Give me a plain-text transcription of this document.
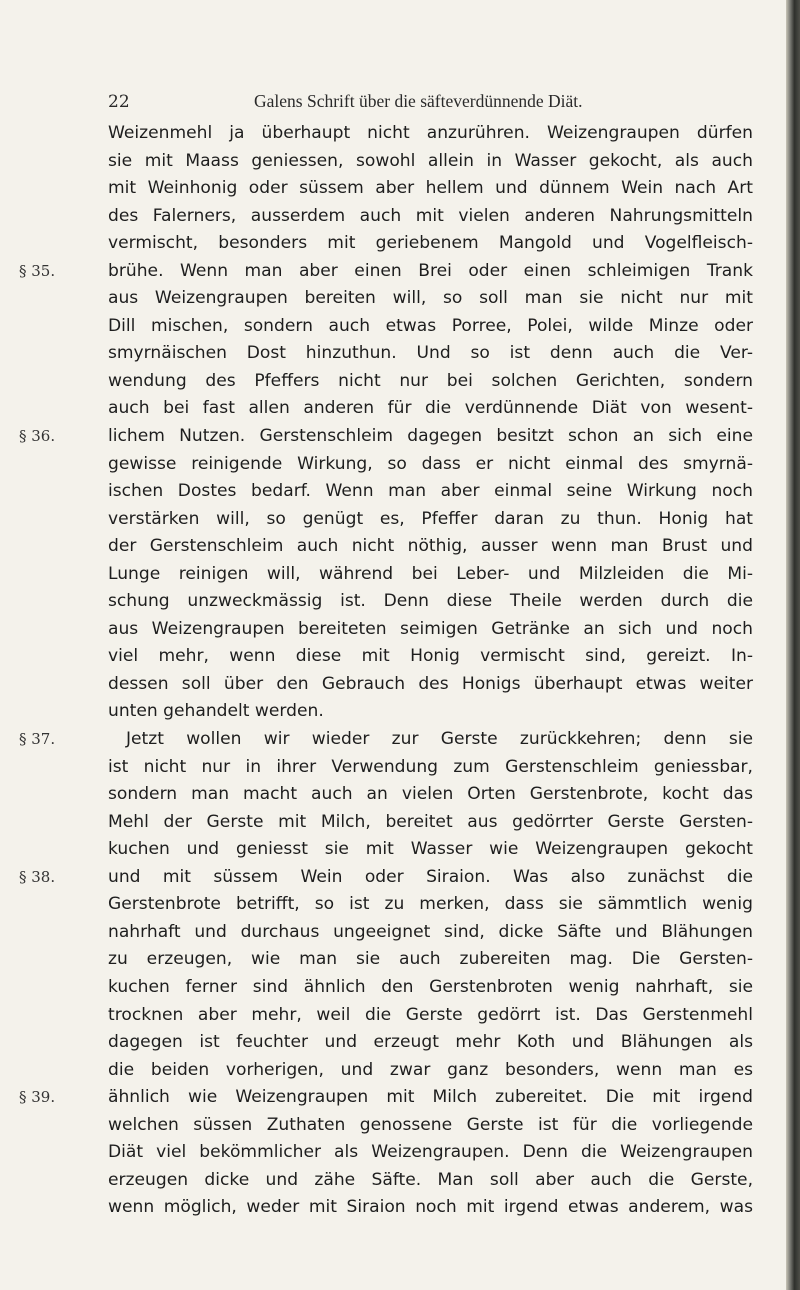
22	Galens Schrift über die säfteverdünnende Diät.
Weizenmehl ja überhaupt nicht anzurühren. Weizengraupen dürfen
sie mit Maass geniessen, sowohl allein in Wasser gekocht, als auch
mit Weinhonig oder süssem aber hellem und dünnem Wein nach Art
des Falerners, ausserdem auch mit vielen anderen Nahrungsmitteln
vermischt, besonders mit geriebenem Mangold und Vogelfleisch-
§ 35.	brühe. Wenn man aber einen Brei oder einen schleimigen Trank
aus Weizengraupen bereiten will, so soll man sie nicht nur mit
Dill mischen, sondern auch etwas Porree, Polei, wilde Minze oder
smyrnäischen Dost hinzuthun. Und so ist denn auch die Ver-
wendung des Pfeffers nicht nur bei solchen Gerichten, sondern
auch bei fast allen anderen für die verdünnende Diät von wesent-
§ 36.	lichem Nutzen. Gerstenschleim dagegen besitzt schon an sich eine
gewisse reinigende Wirkung, so dass er nicht einmal des smyrnä-
ischen Dostes bedarf. Wenn man aber einmal seine Wirkung noch
verstärken will, so genügt es, Pfeffer daran zu thun. Honig hat
der Gerstenschleim auch nicht nöthig, ausser wenn man Brust und
Lunge reinigen will, während bei Leber- und Milzleiden die Mi-
schung unzweckmässig ist. Denn diese Theile werden durch die
aus Weizengraupen bereiteten seimigen Getränke an sich und noch
viel mehr, wenn diese mit Honig vermischt sind, gereizt. In-
dessen soll über den Gebrauch des Honigs überhaupt etwas weiter
unten gehandelt werden.
§ 37.	Jetzt wollen wir wieder zur Gerste zurückkehren; denn sie
ist nicht nur in ihrer Verwendung zum Gerstenschleim geniessbar,
sondern man macht auch an vielen Orten Gerstenbrote, kocht das
Mehl der Gerste mit Milch, bereitet aus gedörrter Gerste Gersten-
kuchen und geniesst sie mit Wasser wie Weizengraupen gekocht
§ 38.	und mit süssem Wein oder Siraion. Was also zunächst die
Gerstenbrote betrifft, so ist zu merken, dass sie sämmtlich wenig
nahrhaft und durchaus ungeeignet sind, dicke Säfte und Blähungen
zu erzeugen, wie man sie auch zubereiten mag. Die Gersten-
kuchen ferner sind ähnlich den Gerstenbroten wenig nahrhaft, sie
trocknen aber mehr, weil die Gerste gedörrt ist. Das Gerstenmehl
dagegen ist feuchter und erzeugt mehr Koth und Blähungen als
die beiden vorherigen, und zwar ganz besonders, wenn man es
§ 39.	ähnlich wie Weizengraupen mit Milch zubereitet. Die mit irgend
welchen süssen Zuthaten genossene Gerste ist für die vorliegende
Diät viel bekömmlicher als Weizengraupen. Denn die Weizengraupen
erzeugen dicke und zähe Säfte. Man soll aber auch die Gerste,
wenn möglich, weder mit Siraion noch mit irgend etwas anderem, was
